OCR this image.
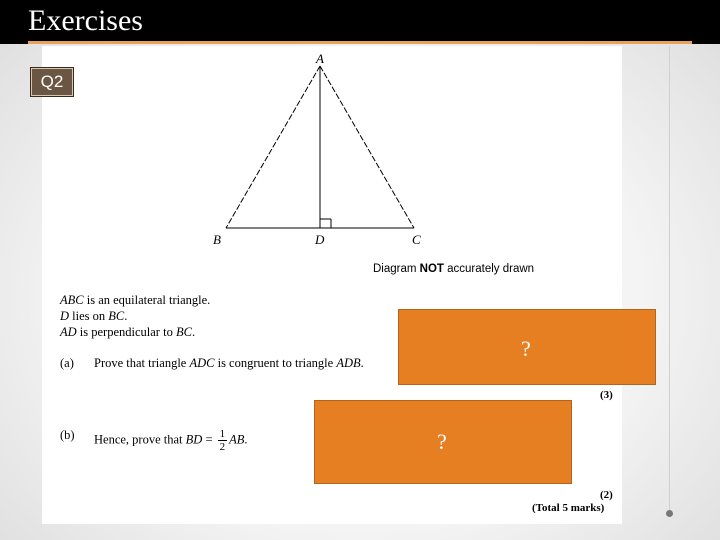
Exercises
Q2
A
B	D	C
Diagram NOT accurately drawn
ABC is an equilateral triangle.
D lies on BC.
AD is perpendicular to BC.
(a) Prove that triangle ADC is congruent to triangle ADB.
(3)
(b) Hence, prove that BD = $\frac{1}{2}$ AB.
(2)
(Total 5 marks)
?
?
